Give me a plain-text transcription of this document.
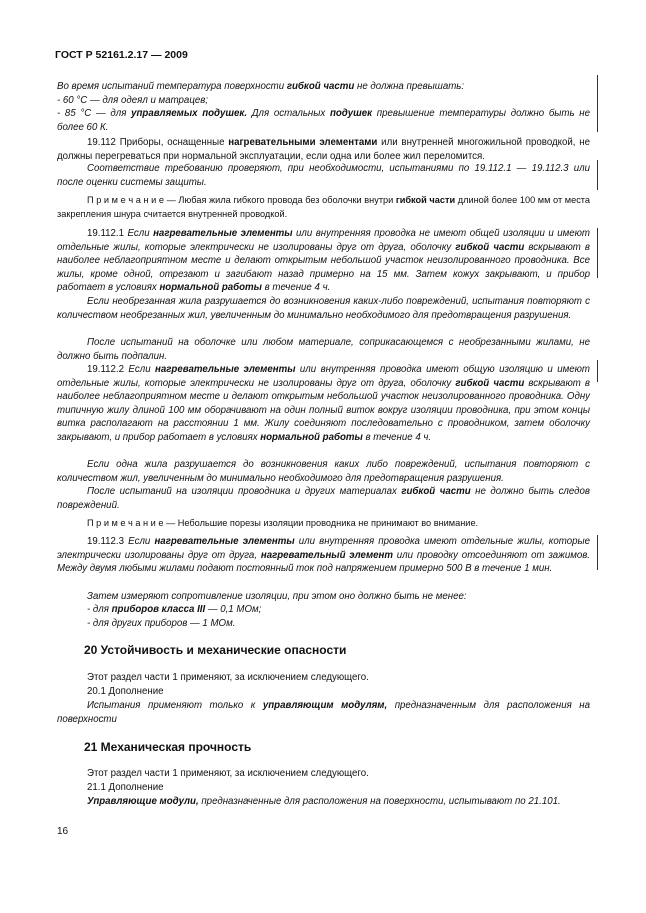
ГОСТ Р 52161.2.17 — 2009

Во время испытаний температура поверхности гибкой части не должна превышать:
- 60 °С — для одеял и матрацев;
- 85 °С — для управляемых подушек. Для остальных подушек превышение температуры должно быть не более 60 К.

19.112 Приборы, оснащенные нагревательными элементами или внутренней многожильной проводкой, не должны перегреваться при нормальной эксплуатации, если одна или более жил переломится.

Соответствие требованию проверяют, при необходимости, испытаниями по 19.112.1 — 19.112.3 или после оценки системы защиты.

П р и м е ч а н и е — Любая жила гибкого провода без оболочки внутри гибкой части длиной более 100 мм от места закрепления шнура считается внутренней проводкой.

19.112.1 Если нагревательные элементы или внутренняя проводка не имеют общей изоляции и имеют отдельные жилы, которые электрически не изолированы друг от друга, оболочку гибкой части вскрывают в наиболее неблагоприятном месте и делают открытым небольшой участок неизолированного проводника. Все жилы, кроме одной, отрезают и загибают назад примерно на 15 мм. Затем кожух закрывают, и прибор работает в условиях нормальной работы в течение 4 ч.

Если необрезанная жила разрушается до возникновения каких-либо повреждений, испытания повторяют с количеством необрезанных жил, увеличенным до минимально необходимого для предотвращения разрушения.

После испытаний на оболочке или любом материале, соприкасающемся с необрезанными жилами, не должно быть подпалин.

19.112.2 Если нагревательные элементы или внутренняя проводка имеют общую изоляцию и имеют отдельные жилы, которые электрически не изолированы друг от друга, оболочку гибкой части вскрывают в наиболее неблагоприятном месте и делают открытым небольшой участок неизолированного проводника. Одну типичную жилу длиной 100 мм оборачивают на один полный виток вокруг изоляции проводника, при этом концы витка располагают на расстоянии 1 мм. Жилу соединяют последовательно с проводником, затем оболочку закрывают, и прибор работает в условиях нормальной работы в течение 4 ч.

Если одна жила разрушается до возникновения каких либо повреждений, испытания повторяют с количеством жил, увеличенным до минимально необходимого для предотвращения разрушения.

После испытаний на изоляции проводника и других материалах гибкой части не должно быть следов повреждений.

П р и м е ч а н и е — Небольшие порезы изоляции проводника не принимают во внимание.

19.112.3 Если нагревательные элементы или внутренняя проводка имеют отдельные жилы, которые электрически изолированы друг от друга, нагревательный элемент или проводку отсоединяют от зажимов. Между двумя любыми жилами подают постоянный ток под напряжением примерно 500 В в течение 1 мин.

Затем измеряют сопротивление изоляции, при этом оно должно быть не менее:

- для приборов класса III — 0,1 МОм;

- для других приборов — 1 МОм.

20 Устойчивость и механические опасности

Этот раздел части 1 применяют, за исключением следующего.

20.1 Дополнение

Испытания применяют только к управляющим модулям, предназначенным для расположения на поверхности

21 Механическая прочность

Этот раздел части 1 применяют, за исключением следующего.

21.1 Дополнение

Управляющие модули, предназначенные для расположения на поверхности, испытывают по 21.101.

16
